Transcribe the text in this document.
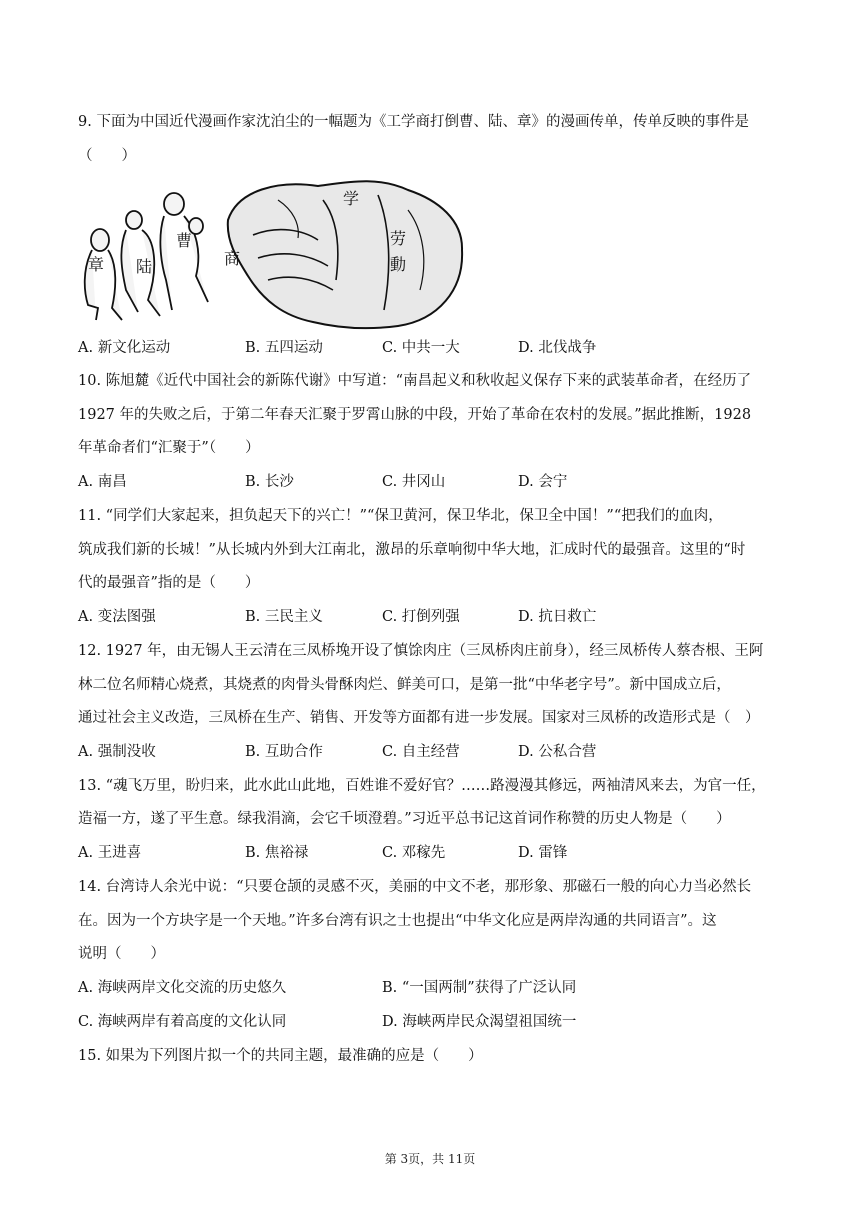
9. 下面为中国近代漫画作家沈泊尘的一幅题为《工学商打倒曹、陆、章》的漫画传单，传单反映的事件是
（　　）
章 陆
曹
商
学
劳
動
A. 新文化运动	B. 五四运动	C. 中共一大	D. 北伐战争
10. 陈旭麓《近代中国社会的新陈代谢》中写道：“南昌起义和秋收起义保存下来的武装革命者，在经历了
1927 年的失败之后，于第二年春天汇聚于罗霄山脉的中段，开始了革命在农村的发展。”据此推断，1928
年革命者们“汇聚于”（　　）
A. 南昌	B. 长沙	C. 井冈山	D. 会宁
11. “同学们大家起来，担负起天下的兴亡！”“保卫黄河，保卫华北，保卫全中国！”“把我们的血肉，
筑成我们新的长城！”从长城内外到大江南北，激昂的乐章响彻中华大地，汇成时代的最强音。这里的“时
代的最强音”指的是（　　）
A. 变法图强	B. 三民主义	C. 打倒列强	D. 抗日救亡
12. 1927 年，由无锡人王云清在三凤桥堍开设了慎馀肉庄（三凤桥肉庄前身），经三凤桥传人蔡杏根、王阿
林二位名师精心烧煮，其烧煮的肉骨头骨酥肉烂、鲜美可口，是第一批“中华老字号”。新中国成立后，
通过社会主义改造，三凤桥在生产、销售、开发等方面都有进一步发展。国家对三凤桥的改造形式是（　）
A. 强制没收	B. 互助合作	C. 自主经营	D. 公私合营
13. “魂飞万里，盼归来，此水此山此地，百姓谁不爱好官？……路漫漫其修远，两袖清风来去，为官一任，
造福一方，遂了平生意。绿我涓滴，会它千顷澄碧。”习近平总书记这首词作称赞的历史人物是（　　）
A. 王进喜	B. 焦裕禄	C. 邓稼先	D. 雷锋
14. 台湾诗人余光中说：“只要仓颉的灵感不灭，美丽的中文不老，那形象、那磁石一般的向心力当必然长
在。因为一个方块字是一个天地。”许多台湾有识之士也提出“中华文化应是两岸沟通的共同语言”。这
说明（　　）
A. 海峡两岸文化交流的历史悠久	B. “一国两制”获得了广泛认同
C. 海峡两岸有着高度的文化认同	D. 海峡两岸民众渴望祖国统一
15. 如果为下列图片拟一个的共同主题，最准确的应是（　　）
第 3页，共 11页
